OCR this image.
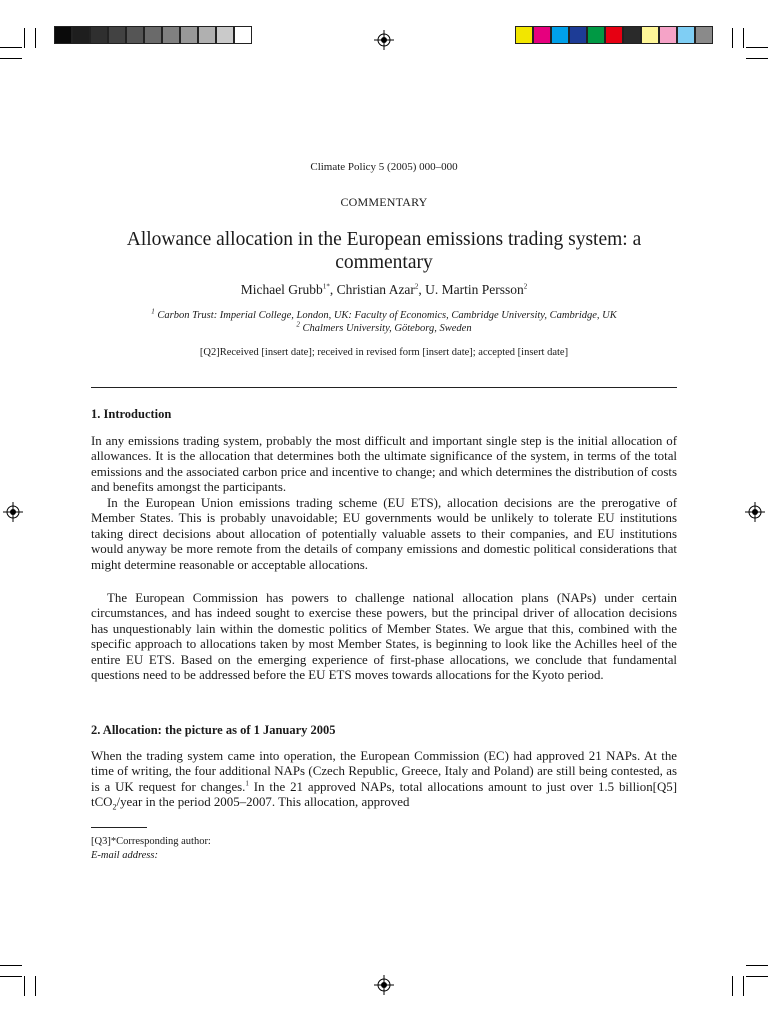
Climate Policy 5 (2005) 000–000
COMMENTARY
Allowance allocation in the European emissions trading system: a commentary
Michael Grubb$^{1*}$, Christian Azar$^2$, U. Martin Persson$^2$
$^1$ Carbon Trust: Imperial College, London, UK: Faculty of Economics, Cambridge University, Cambridge, UK
$^2$ Chalmers University, Göteborg, Sweden
[Q2]Received [insert date]; received in revised form [insert date]; accepted [insert date]
1. Introduction

In any emissions trading system, probably the most difficult and important single step is the initial allocation of allowances. It is the allocation that determines both the ultimate significance of the system, in terms of the total emissions and the associated carbon price and incentive to change; and which determines the distribution of costs and benefits amongst the participants.

In the European Union emissions trading scheme (EU ETS), allocation decisions are the prerogative of Member States. This is probably unavoidable; EU governments would be unlikely to tolerate EU institutions taking direct decisions about allocation of potentially valuable assets to their companies, and EU institutions would anyway be more remote from the details of company emissions and domestic political considerations that might determine reasonable or acceptable allocations.

The European Commission has powers to challenge national allocation plans (NAPs) under certain circumstances, and has indeed sought to exercise these powers, but the principal driver of allocation decisions has unquestionably lain within the domestic politics of Member States. We argue that this, combined with the specific approach to allocations taken by most Member States, is beginning to look like the Achilles heel of the entire EU ETS. Based on the emerging experience of first-phase allocations, we conclude that fundamental questions need to be addressed before the EU ETS moves towards allocations for the Kyoto period.

2. Allocation: the picture as of 1 January 2005

When the trading system came into operation, the European Commission (EC) had approved 21 NAPs. At the time of writing, the four additional NAPs (Czech Republic, Greece, Italy and Poland) are still being contested, as is a UK request for changes.$^1$ In the 21 approved NAPs, total allocations amount to just over 1.5 billion[Q5] tCO$_2$/year in the period 2005–2007. This allocation, approved

[Q3]*Corresponding author:
E-mail address:
